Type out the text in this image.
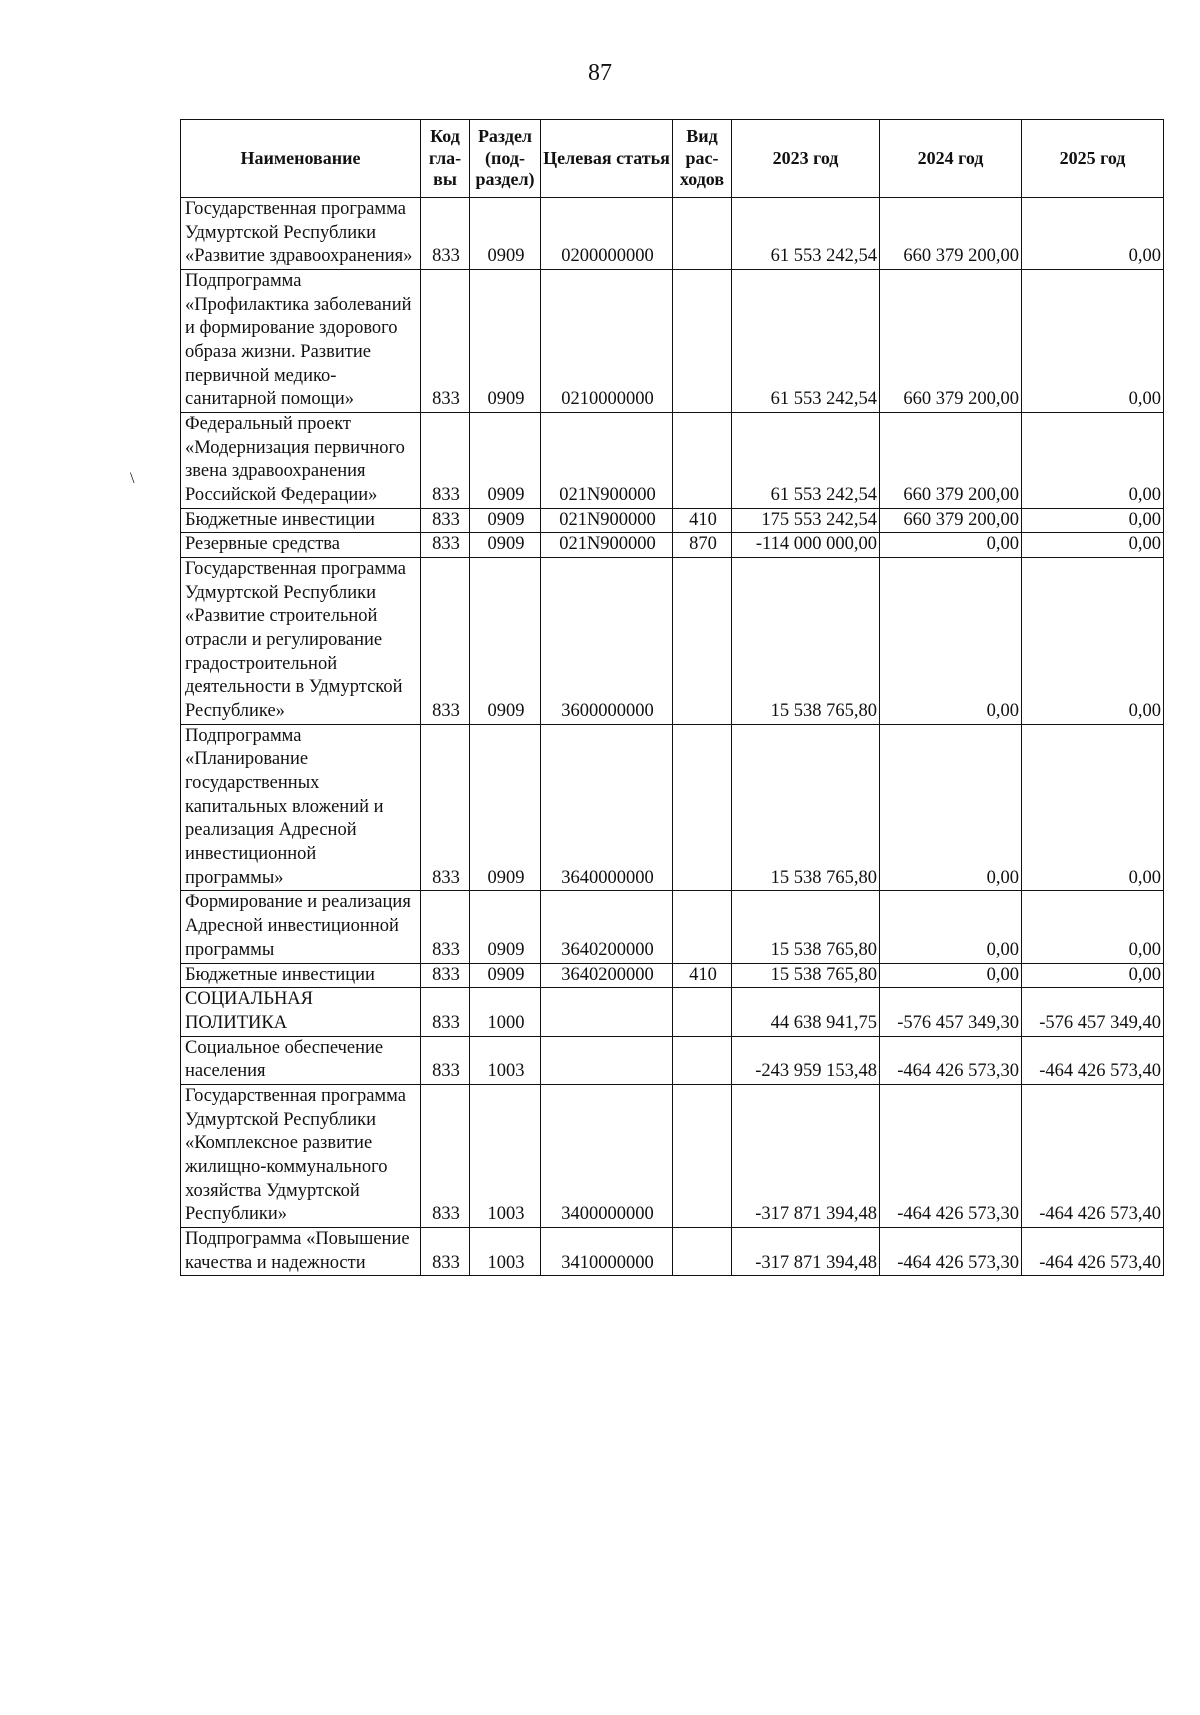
87
\
Наименование	Код гла- вы	Раздел (под- раздел)	Целевая статья	Вид рас- ходов	2023 год	2024 год	2025 год
Государственная программа Удмуртской Республики «Развитие здравоохранения»	833	0909	0200000000		61 553 242,54	660 379 200,00	0,00
Подпрограмма «Профилактика заболеваний и формирование здорового образа жизни. Развитие первичной медико-санитарной помощи»	833	0909	0210000000		61 553 242,54	660 379 200,00	0,00
Федеральный проект «Модернизация первичного звена здравоохранения Российской Федерации»	833	0909	021N900000		61 553 242,54	660 379 200,00	0,00
Бюджетные инвестиции	833	0909	021N900000	410	175 553 242,54	660 379 200,00	0,00
Резервные средства	833	0909	021N900000	870	-114 000 000,00	0,00	0,00
Государственная программа Удмуртской Республики «Развитие строительной отрасли и регулирование градостроительной деятельности в Удмуртской Республике»	833	0909	3600000000		15 538 765,80	0,00	0,00
Подпрограмма «Планирование государственных капитальных вложений и реализация Адресной инвестиционной программы»	833	0909	3640000000		15 538 765,80	0,00	0,00
Формирование и реализация Адресной инвестиционной программы	833	0909	3640200000		15 538 765,80	0,00	0,00
Бюджетные инвестиции	833	0909	3640200000	410	15 538 765,80	0,00	0,00
СОЦИАЛЬНАЯ ПОЛИТИКА	833	1000			44 638 941,75	-576 457 349,30	-576 457 349,40
Социальное обеспечение населения	833	1003			-243 959 153,48	-464 426 573,30	-464 426 573,40
Государственная программа Удмуртской Республики «Комплексное развитие жилищно-коммунального хозяйства Удмуртской Республики»	833	1003	3400000000		-317 871 394,48	-464 426 573,30	-464 426 573,40
Подпрограмма «Повышение качества и надежности	833	1003	3410000000		-317 871 394,48	-464 426 573,30	-464 426 573,40
